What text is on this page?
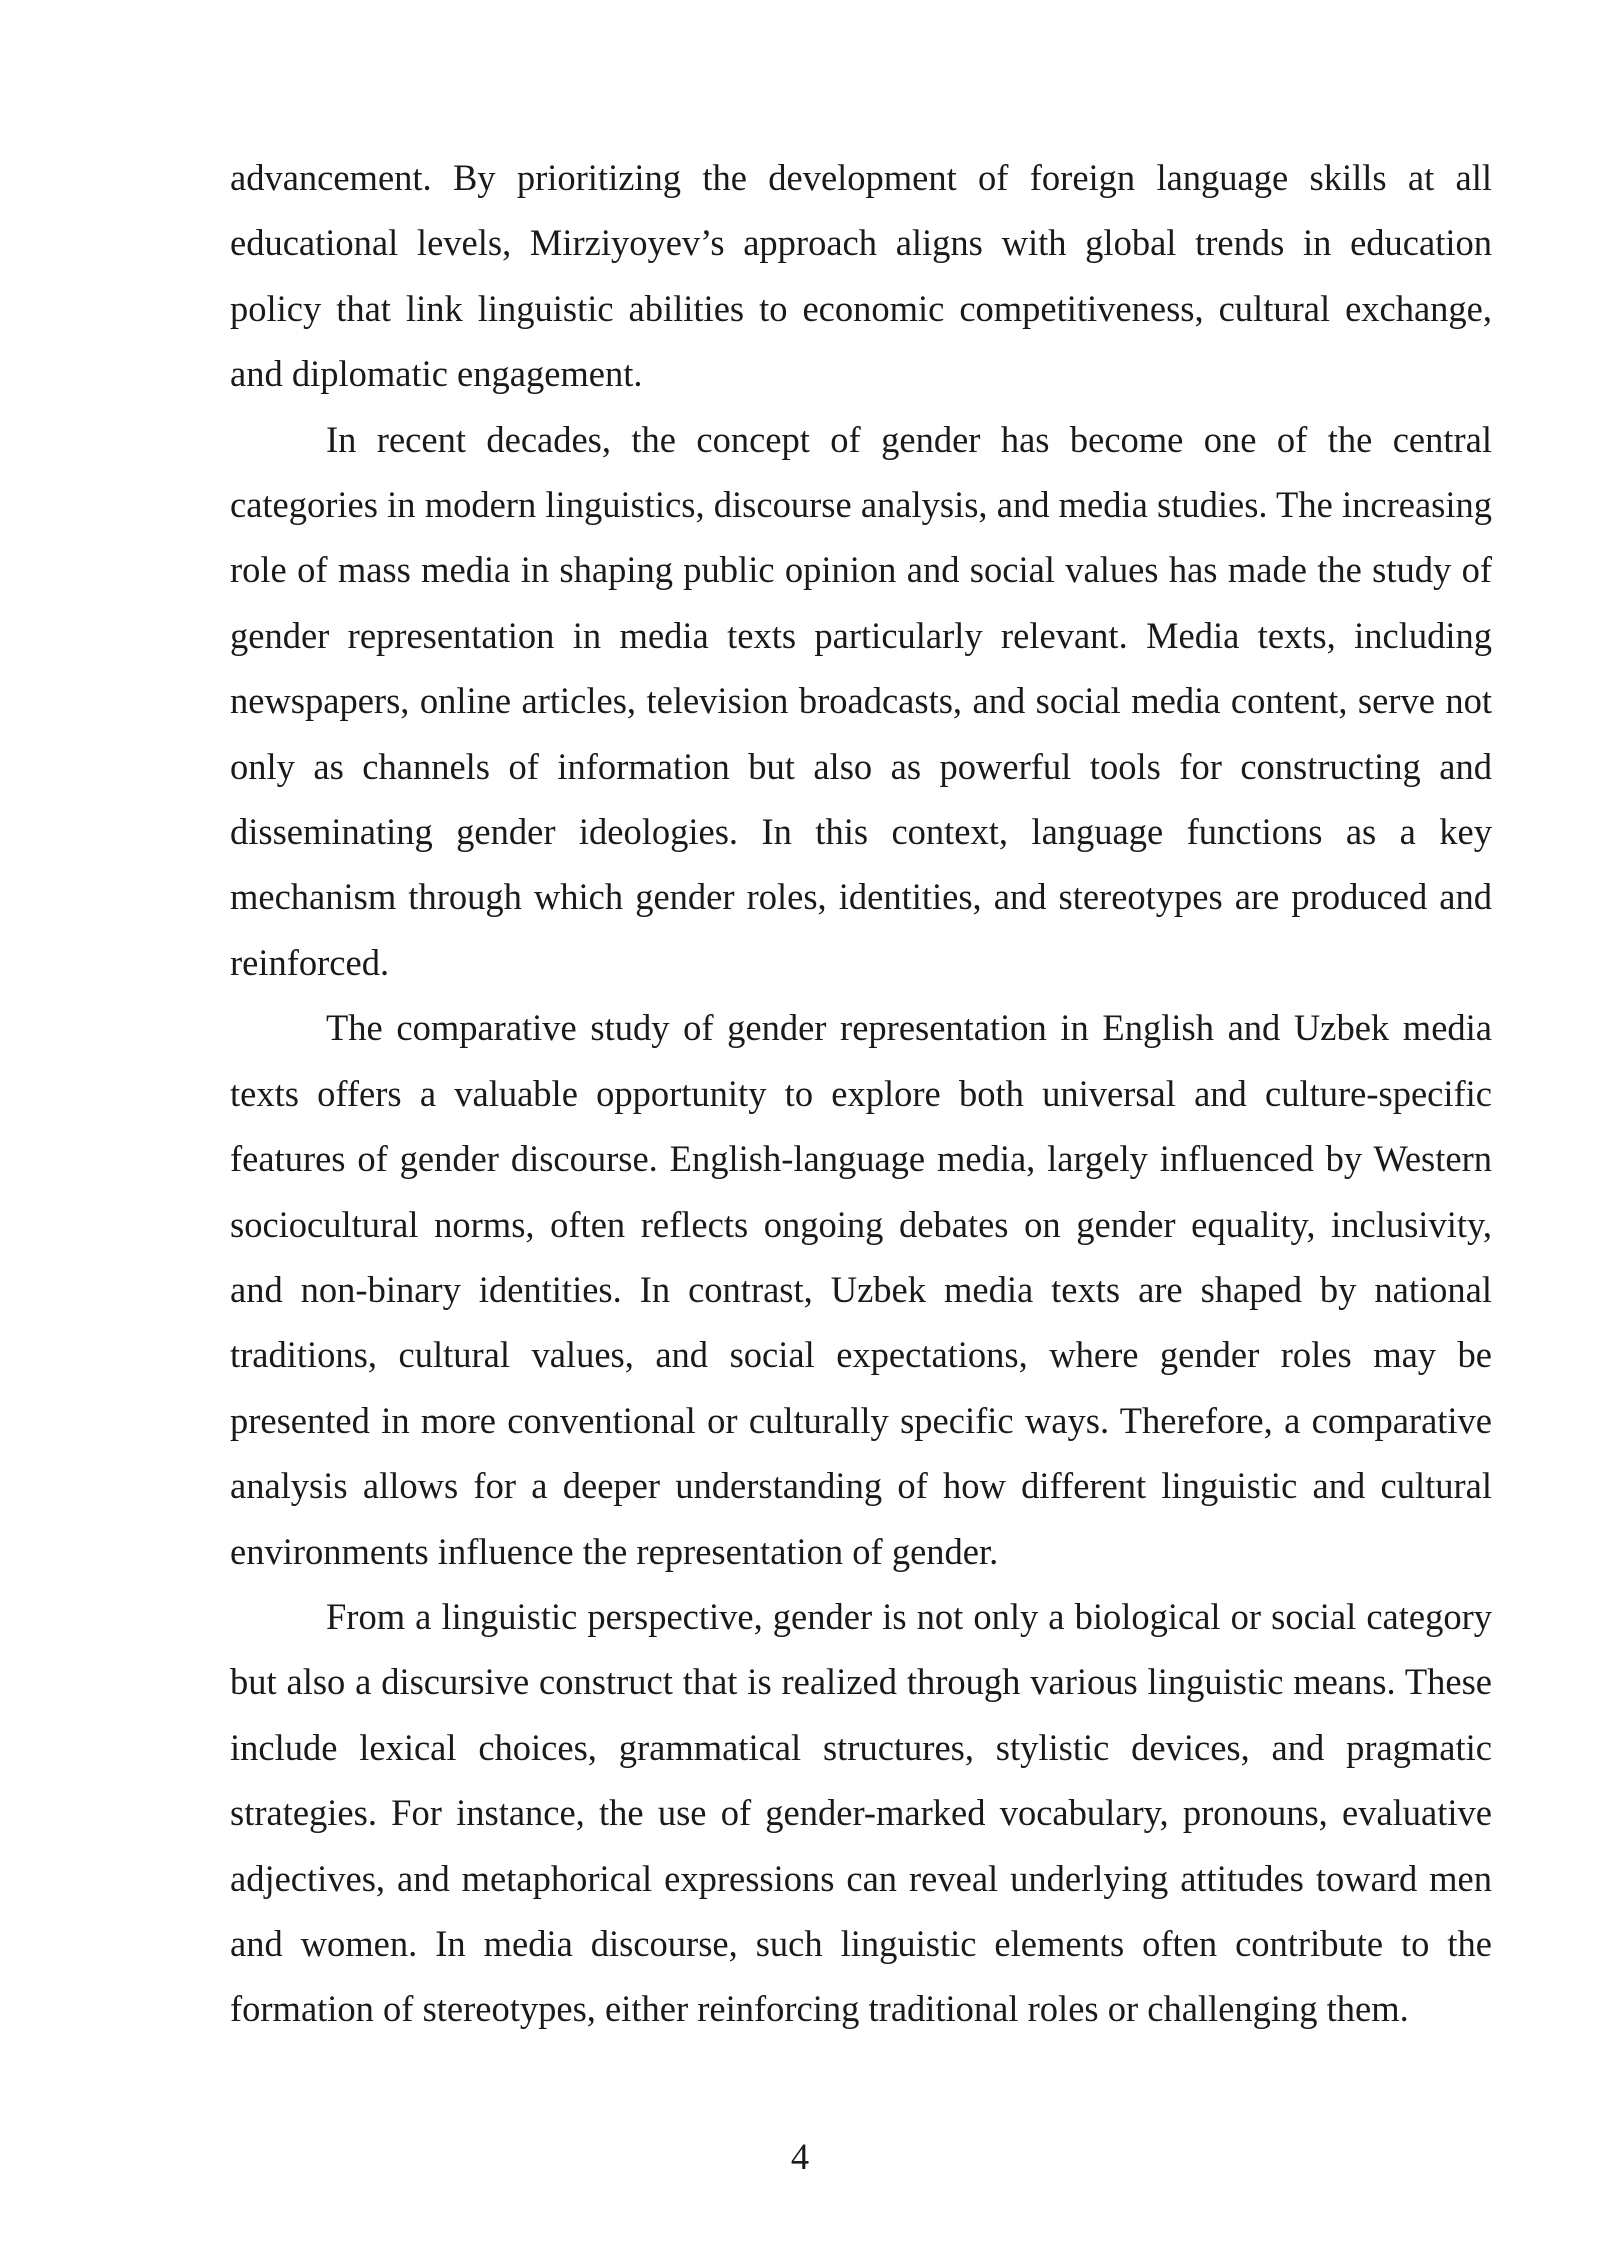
advancement. By prioritizing the development of foreign language skills at all educational levels, Mirziyoyev’s approach aligns with global trends in education policy that link linguistic abilities to economic competitiveness, cultural exchange, and diplomatic engagement.

In recent decades, the concept of gender has become one of the central categories in modern linguistics, discourse analysis, and media studies. The increasing role of mass media in shaping public opinion and social values has made the study of gender representation in media texts particularly relevant. Media texts, including newspapers, online articles, television broadcasts, and social media content, serve not only as channels of information but also as powerful tools for constructing and disseminating gender ideologies. In this context, language functions as a key mechanism through which gender roles, identities, and stereotypes are produced and reinforced.

The comparative study of gender representation in English and Uzbek media texts offers a valuable opportunity to explore both universal and culture-specific features of gender discourse. English-language media, largely influenced by Western sociocultural norms, often reflects ongoing debates on gender equality, inclusivity, and non-binary identities. In contrast, Uzbek media texts are shaped by national traditions, cultural values, and social expectations, where gender roles may be presented in more conventional or culturally specific ways. Therefore, a comparative analysis allows for a deeper understanding of how different linguistic and cultural environments influence the representation of gender.

From a linguistic perspective, gender is not only a biological or social category but also a discursive construct that is realized through various linguistic means. These include lexical choices, grammatical structures, stylistic devices, and pragmatic strategies. For instance, the use of gender-marked vocabulary, pronouns, evaluative adjectives, and metaphorical expressions can reveal underlying attitudes toward men and women. In media discourse, such linguistic elements often contribute to the formation of stereotypes, either reinforcing traditional roles or challenging them.

4
